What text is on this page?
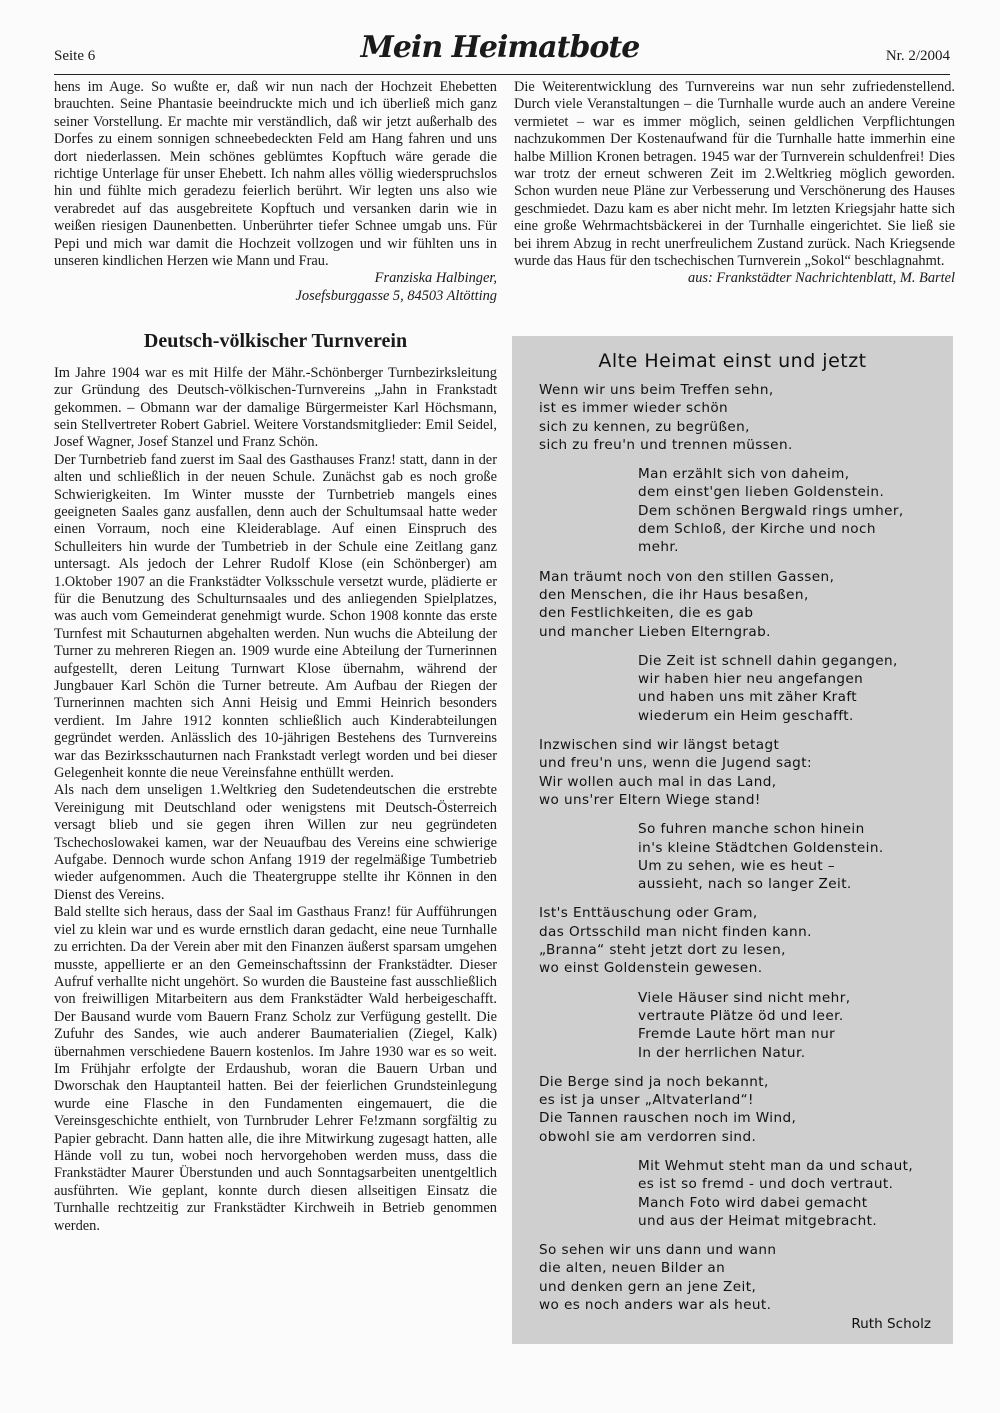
Seite 6	Mein Heimatbote	Nr. 2/2004

hens im Auge. So wußte er, daß wir nun nach der Hochzeit Ehebetten brauchten. Seine Phantasie beeindruckte mich und ich überließ mich ganz seiner Vorstellung. Er machte mir verständlich, daß wir jetzt außerhalb des Dorfes zu einem sonnigen schneebedeckten Feld am Hang fahren und uns dort niederlassen. Mein schönes geblümtes Kopftuch wäre gerade die richtige Unterlage für unser Ehebett. Ich nahm alles völlig wiederspruchslos hin und fühlte mich geradezu feierlich berührt. Wir legten uns also wie verabredet auf das ausgebreitete Kopftuch und versanken darin wie in weißen riesigen Daunenbetten. Unberührter tiefer Schnee umgab uns. Für Pepi und mich war damit die Hochzeit vollzogen und wir fühlten uns in unseren kindlichen Herzen wie Mann und Frau.

Franziska Halbinger,
Josefsburggasse 5, 84503 Altötting
Deutsch-völkischer Turnverein

Im Jahre 1904 war es mit Hilfe der Mähr.-Schönberger Turnbezirksleitung zur Gründung des Deutsch-völkischen-Turnvereins „Jahn in Frankstadt gekommen. – Obmann war der damalige Bürgermeister Karl Höchsmann, sein Stellvertreter Robert Gabriel. Weitere Vorstandsmitglieder: Emil Seidel, Josef Wagner, Josef Stanzel und Franz Schön.

Der Turnbetrieb fand zuerst im Saal des Gasthauses Franz! statt, dann in der alten und schließlich in der neuen Schule. Zunächst gab es noch große Schwierigkeiten. Im Winter musste der Turnbetrieb mangels eines geeigneten Saales ganz ausfallen, denn auch der Schultumsaal hatte weder einen Vorraum, noch eine Kleiderablage. Auf einen Einspruch des Schulleiters hin wurde der Tumbetrieb in der Schule eine Zeitlang ganz untersagt. Als jedoch der Lehrer Rudolf Klose (ein Schönberger) am 1.Oktober 1907 an die Frankstädter Volksschule versetzt wurde, plädierte er für die Benutzung des Schulturnsaales und des anliegenden Spielplatzes, was auch vom Gemeinderat genehmigt wurde. Schon 1908 konnte das erste Turnfest mit Schauturnen abgehalten werden. Nun wuchs die Abteilung der Turner zu mehreren Riegen an. 1909 wurde eine Abteilung der Turnerinnen aufgestellt, deren Leitung Turnwart Klose übernahm, während der Jungbauer Karl Schön die Turner betreute. Am Aufbau der Riegen der Turnerinnen machten sich Anni Heisig und Emmi Heinrich besonders verdient. Im Jahre 1912 konnten schließlich auch Kinderabteilungen gegründet werden. Anlässlich des 10-jährigen Bestehens des Turnvereins war das Bezirksschauturnen nach Frankstadt verlegt worden und bei dieser Gelegenheit konnte die neue Vereinsfahne enthüllt werden.

Als nach dem unseligen 1.Weltkrieg den Sudetendeutschen die erstrebte Vereinigung mit Deutschland oder wenigstens mit Deutsch-Österreich versagt blieb und sie gegen ihren Willen zur neu gegründeten Tschechoslowakei kamen, war der Neuaufbau des Vereins eine schwierige Aufgabe. Dennoch wurde schon Anfang 1919 der regelmäßige Tumbetrieb wieder aufgenommen. Auch die Theatergruppe stellte ihr Können in den Dienst des Vereins.

Bald stellte sich heraus, dass der Saal im Gasthaus Franz! für Aufführungen viel zu klein war und es wurde ernstlich daran gedacht, eine neue Turnhalle zu errichten. Da der Verein aber mit den Finanzen äußerst sparsam umgehen musste, appellierte er an den Gemeinschaftssinn der Frankstädter. Dieser Aufruf verhallte nicht ungehört. So wurden die Bausteine fast ausschließlich von freiwilligen Mitarbeitern aus dem Frankstädter Wald herbeigeschafft. Der Bausand wurde vom Bauern Franz Scholz zur Verfügung gestellt. Die Zufuhr des Sandes, wie auch anderer Baumaterialien (Ziegel, Kalk) übernahmen verschiedene Bauern kostenlos. Im Jahre 1930 war es so weit. Im Frühjahr erfolgte der Erdaushub, woran die Bauern Urban und Dworschak den Hauptanteil hatten. Bei der feierlichen Grundsteinlegung wurde eine Flasche in den Fundamenten eingemauert, die die Vereinsgeschichte enthielt, von Turnbruder Lehrer Fe!zmann sorgfältig zu Papier gebracht. Dann hatten alle, die ihre Mitwirkung zugesagt hatten, alle Hände voll zu tun, wobei noch hervorgehoben werden muss, dass die Frankstädter Maurer Überstunden und auch Sonntagsarbeiten unentgeltlich ausführten. Wie geplant, konnte durch diesen allseitigen Einsatz die Turnhalle rechtzeitig zur Frankstädter Kirchweih in Betrieb genommen werden.

Die Weiterentwicklung des Turnvereins war nun sehr zufriedenstellend. Durch viele Veranstaltungen – die Turnhalle wurde auch an andere Vereine vermietet – war es immer möglich, seinen geldlichen Verpflichtungen nachzukommen Der Kostenaufwand für die Turnhalle hatte immerhin eine halbe Million Kronen betragen. 1945 war der Turnverein schuldenfrei! Dies war trotz der erneut schweren Zeit im 2.Weltkrieg möglich geworden. Schon wurden neue Pläne zur Verbesserung und Verschönerung des Hauses geschmiedet. Dazu kam es aber nicht mehr. Im letzten Kriegsjahr hatte sich eine große Wehrmachtsbäckerei in der Turnhalle eingerichtet. Sie ließ sie bei ihrem Abzug in recht unerfreulichem Zustand zurück. Nach Kriegsende wurde das Haus für den tschechischen Turnverein „Sokol“ beschlagnahmt.

aus: Frankstädter Nachrichtenblatt, M. Bartel
Alte Heimat einst und jetzt
Wenn wir uns beim Treffen sehn,
ist es immer wieder schön
sich zu kennen, zu begrüßen,
sich zu freu'n und trennen müssen.
Man erzählt sich von daheim,
dem einst'gen lieben Goldenstein.
Dem schönen Bergwald rings umher,
dem Schloß, der Kirche und noch
mehr.
Man träumt noch von den stillen Gassen,
den Menschen, die ihr Haus besaßen,
den Festlichkeiten, die es gab
und mancher Lieben Elterngrab.
Die Zeit ist schnell dahin gegangen,
wir haben hier neu angefangen
und haben uns mit zäher Kraft
wiederum ein Heim geschafft.
Inzwischen sind wir längst betagt
und freu'n uns, wenn die Jugend sagt:
Wir wollen auch mal in das Land,
wo uns'rer Eltern Wiege stand!
So fuhren manche schon hinein
in's kleine Städtchen Goldenstein.
Um zu sehen, wie es heut –
aussieht, nach so langer Zeit.
Ist's Enttäuschung oder Gram,
das Ortsschild man nicht finden kann.
„Branna“ steht jetzt dort zu lesen,
wo einst Goldenstein gewesen.
Viele Häuser sind nicht mehr,
vertraute Plätze öd und leer.
Fremde Laute hört man nur
In der herrlichen Natur.
Die Berge sind ja noch bekannt,
es ist ja unser „Altvaterland“!
Die Tannen rauschen noch im Wind,
obwohl sie am verdorren sind.
Mit Wehmut steht man da und schaut,
es ist so fremd - und doch vertraut.
Manch Foto wird dabei gemacht
und aus der Heimat mitgebracht.
So sehen wir uns dann und wann
die alten, neuen Bilder an
und denken gern an jene Zeit,
wo es noch anders war als heut.
Ruth Scholz
